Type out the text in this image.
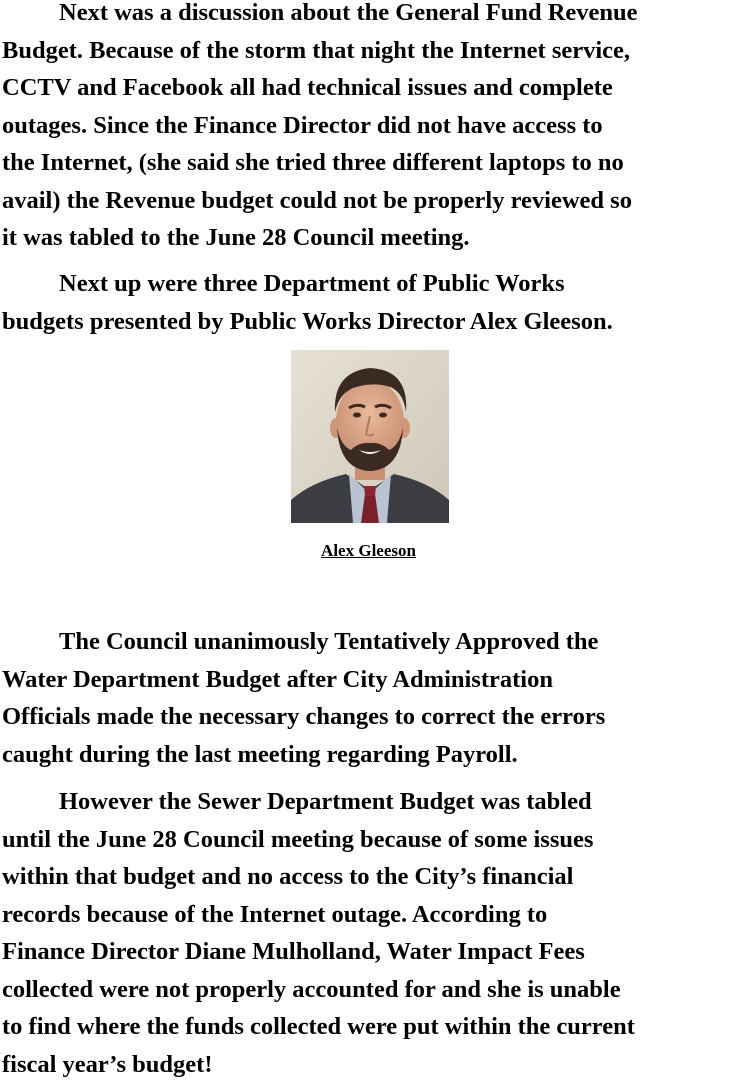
Next was a discussion about the General Fund Revenue
Budget. Because of the storm that night the Internet service,
CCTV and Facebook all had technical issues and complete
outages. Since the Finance Director did not have access to
the Internet, (she said she tried three different laptops to no
avail) the Revenue budget could not be properly reviewed so
it was tabled to the June 28 Council meeting.

Next up were three Department of Public Works
budgets presented by Public Works Director Alex Gleeson.

Alex Gleeson

The Council unanimously Tentatively Approved the
Water Department Budget after City Administration
Officials made the necessary changes to correct the errors
caught during the last meeting regarding Payroll.

However the Sewer Department Budget was tabled
until the June 28 Council meeting because of some issues
within that budget and no access to the City’s financial
records because of the Internet outage. According to
Finance Director Diane Mulholland, Water Impact Fees
collected were not properly accounted for and she is unable
to find where the funds collected were put within the current
fiscal year’s budget!
